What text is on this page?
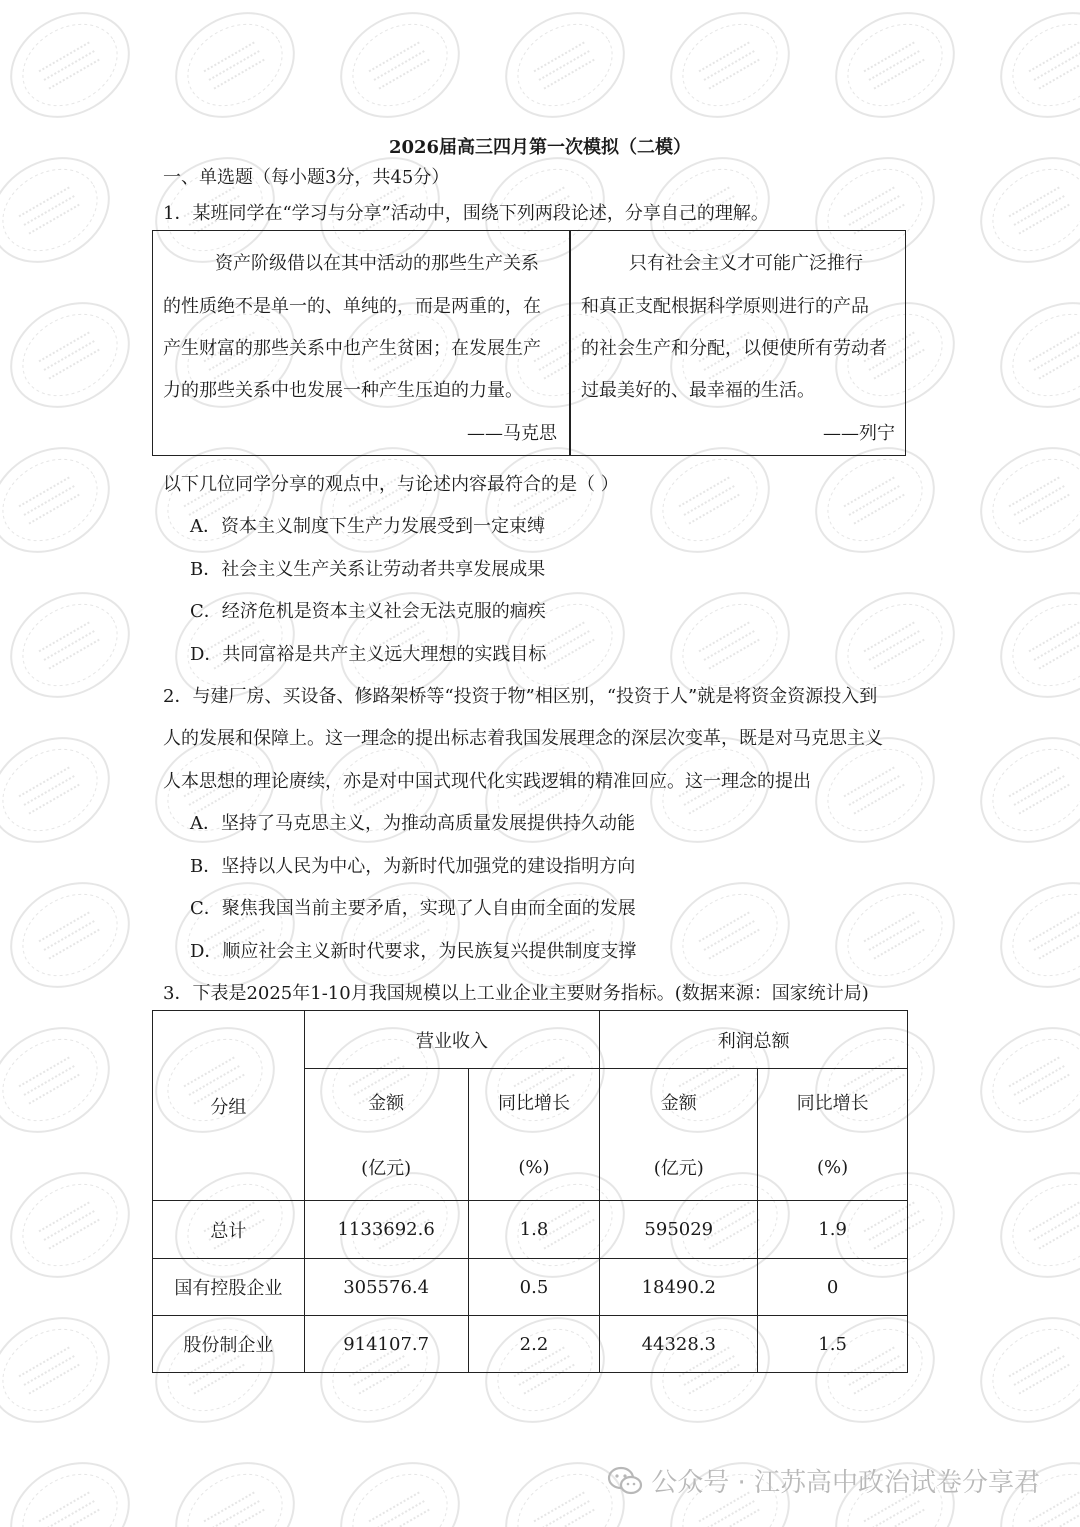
2026届高三四月第一次模拟（二模）
一、单选题（每小题3分，共45分）
1．某班同学在“学习与分享”活动中，围绕下列两段论述，分享自己的理解。
资产阶级借以在其中活动的那些生产关系
的性质绝不是单一的、单纯的，而是两重的，在
产生财富的那些关系中也产生贫困；在发展生产
力的那些关系中也发展一种产生压迫的力量。
——马克思
只有社会主义才可能广泛推行
和真正支配根据科学原则进行的产品
的社会生产和分配，以便使所有劳动者
过最美好的、最幸福的生活。
——列宁
以下几位同学分享的观点中，与论述内容最符合的是（ ）
A．资本主义制度下生产力发展受到一定束缚
B．社会主义生产关系让劳动者共享发展成果
C．经济危机是资本主义社会无法克服的痼疾
D．共同富裕是共产主义远大理想的实践目标
2．与建厂房、买设备、修路架桥等“投资于物”相区别，“投资于人”就是将资金资源投入到
人的发展和保障上。这一理念的提出标志着我国发展理念的深层次变革，既是对马克思主义
人本思想的理论赓续，亦是对中国式现代化实践逻辑的精准回应。这一理念的提出
A．坚持了马克思主义，为推动高质量发展提供持久动能
B．坚持以人民为中心，为新时代加强党的建设指明方向
C．聚焦我国当前主要矛盾，实现了人自由而全面的发展
D．顺应社会主义新时代要求，为民族复兴提供制度支撑
3．下表是2025年1-10月我国规模以上工业企业主要财务指标。(数据来源：国家统计局)
分组	营业收入		利润总额	
	金额	同比增长	金额	同比增长
	(亿元)	(%)	(亿元)	(%)
总计	1133692.6	1.8	595029	1.9
国有控股企业	305576.4	0.5	18490.2	0
股份制企业	914107.7	2.2	44328.3	1.5
公众号 · 江苏高中政治试卷分享君
